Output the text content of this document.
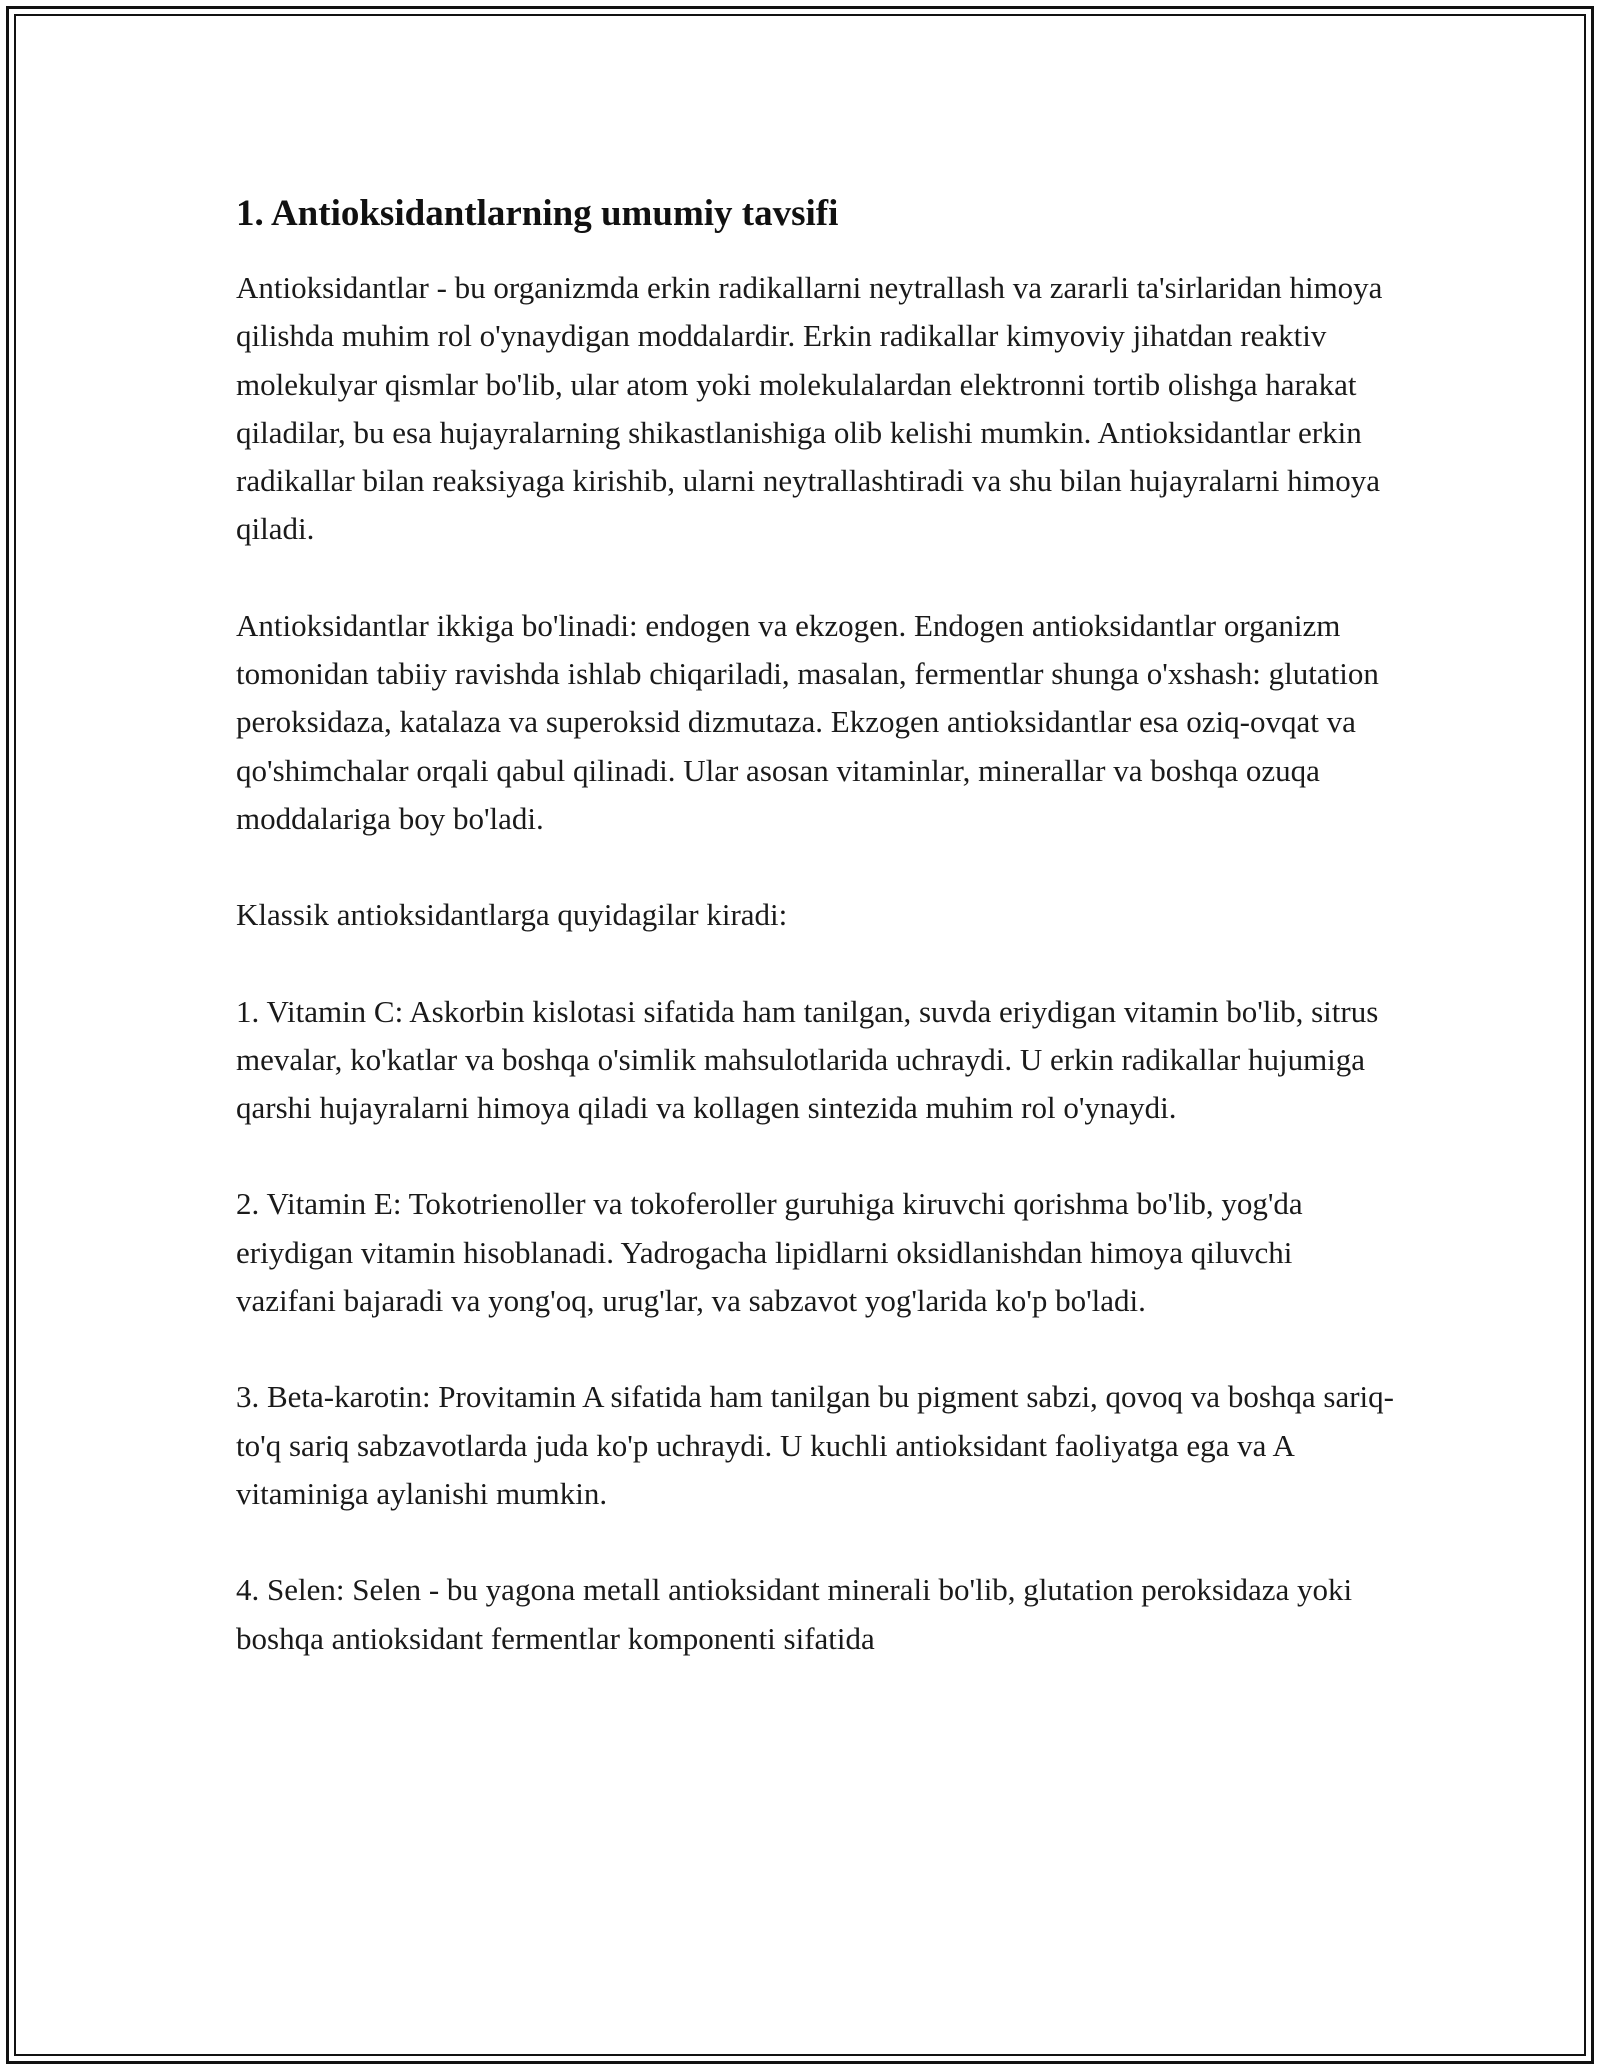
1. Antioksidantlarning umumiy tavsifi

Antioksidantlar - bu organizmda erkin radikallarni neytrallash va zararli ta'sirlaridan himoya qilishda muhim rol o'ynaydigan moddalardir. Erkin radikallar kimyoviy jihatdan reaktiv molekulyar qismlar bo'lib, ular atom yoki molekulalardan elektronni tortib olishga harakat qiladilar, bu esa hujayralarning shikastlanishiga olib kelishi mumkin. Antioksidantlar erkin radikallar bilan reaksiyaga kirishib, ularni neytrallashtiradi va shu bilan hujayralarni himoya qiladi.

Antioksidantlar ikkiga bo'linadi: endogen va ekzogen. Endogen antioksidantlar organizm tomonidan tabiiy ravishda ishlab chiqariladi, masalan, fermentlar shunga o'xshash: glutation peroksidaza, katalaza va superoksid dizmutaza. Ekzogen antioksidantlar esa oziq-ovqat va qo'shimchalar orqali qabul qilinadi. Ular asosan vitaminlar, minerallar va boshqa ozuqa moddalariga boy bo'ladi.

Klassik antioksidantlarga quyidagilar kiradi:

1. Vitamin C: Askorbin kislotasi sifatida ham tanilgan, suvda eriydigan vitamin bo'lib, sitrus mevalar, ko'katlar va boshqa o'simlik mahsulotlarida uchraydi. U erkin radikallar hujumiga qarshi hujayralarni himoya qiladi va kollagen sintezida muhim rol o'ynaydi.

2. Vitamin E: Tokotrienoller va tokoferoller guruhiga kiruvchi qorishma bo'lib, yog'da eriydigan vitamin hisoblanadi. Yadrogacha lipidlarni oksidlanishdan himoya qiluvchi vazifani bajaradi va yong'oq, urug'lar, va sabzavot yog'larida ko'p bo'ladi.

3. Beta-karotin: Provitamin A sifatida ham tanilgan bu pigment sabzi, qovoq va boshqa sariq-to'q sariq sabzavotlarda juda ko'p uchraydi. U kuchli antioksidant faoliyatga ega va A vitaminiga aylanishi mumkin.

4. Selen: Selen - bu yagona metall antioksidant minerali bo'lib, glutation peroksidaza yoki boshqa antioksidant fermentlar komponenti sifatida
